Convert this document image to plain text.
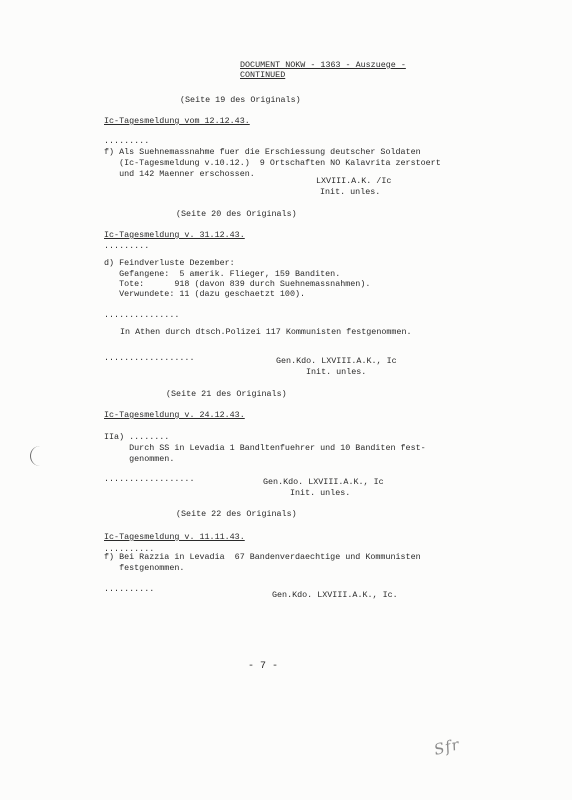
DOCUMENT NOKW - 1363 - Auszuege -
CONTINUED
(Seite 19 des Originals)
Ic-Tagesmeldung vom 12.12.43.
.........
f) Als Suehnemassnahme fuer die Erschiessung deutscher Soldaten
(Ic-Tagesmeldung v.10.12.)  9 Ortschaften NO Kalavrita zerstoert
und 142 Maenner erschossen.
LXVIII.A.K. /Ic
Init. unles.
(Seite 20 des Originals)
Ic-Tagesmeldung v. 31.12.43.
.........
d) Feindverluste Dezember:
Gefangene:  5 amerik. Flieger, 159 Banditen.
Tote:      918 (davon 839 durch Suehnemassnahmen).
Verwundete: 11 (dazu geschaetzt 100).
...............
In Athen durch dtsch.Polizei 117 Kommunisten festgenommen.
..................	Gen.Kdo. LXVIII.A.K., Ic
Init. unles.
(Seite 21 des Originals)
Ic-Tagesmeldung v. 24.12.43.
IIa) ........
Durch SS in Levadia 1 Bandltenfuehrer und 10 Banditen fest-
genommen.
..................	Gen.Kdo. LXVIII.A.K., Ic
Init. unles.
(Seite 22 des Originals)
Ic-Tagesmeldung v. 11.11.43.
..........
f) Bei Razzia in Levadia  67 Bandenverdaechtige und Kommunisten
festgenommen.
..........
Gen.Kdo. LXVIII.A.K., Ic.
- 7 -
Sfr
